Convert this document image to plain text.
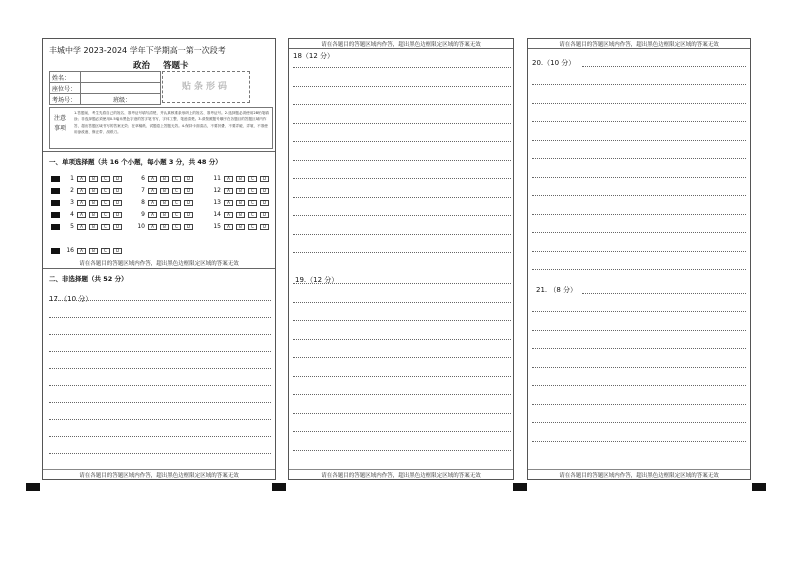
丰城中学 2023-2024 学年下学期高一第一次段考
政治 答题卡
姓名：	
座位号：	
考场号：	班级：
贴条形码
注意事项
1.答题前，考生先将自己的姓名、准考证号填写清楚，并认真核准条形码上的姓名、准考证号。2.选择题必须使用2B铅笔填涂；非选择题必须使用0.5毫米黑色字迹的签字笔书写，字体工整、笔迹清楚。3.请按照题号顺序在各题目的答题区域内作答，超出答题区域书写的答案无效；在草稿纸、试题卷上答题无效。4.保持卡面清洁，不要折叠、不要弄破、弄皱，不准使用涂改液、修正带、刮纸刀。
一、单项选择题（共 16 个小题，每小题 3 分，共 48 分）
1	A	B	C	D
2	A	B	C	D
3	A	B	C	D
4	A	B	C	D
5	A	B	C	D
6	A	B	C	D
7	A	B	C	D
8	A	B	C	D
9	A	B	C	D
10	A	B	C	D
11	A	B	C	D
12	A	B	C	D
13	A	B	C	D
14	A	B	C	D
15	A	B	C	D
16	A	B	C	D
请在各题目的答题区域内作答，超出黑色边框限定区域的答案无效
二、非选择题（共 52 分）
17.（10 分）
请在各题目的答题区域内作答，超出黑色边框限定区域的答案无效
请在各题目的答题区域内作答，超出黑色边框限定区域的答案无效
18（12 分）
19.（12 分）
请在各题目的答题区域内作答，超出黑色边框限定区域的答案无效
请在各题目的答题区域内作答，超出黑色边框限定区域的答案无效
20.（10 分）
21. （8 分）
请在各题目的答题区域内作答，超出黑色边框限定区域的答案无效
